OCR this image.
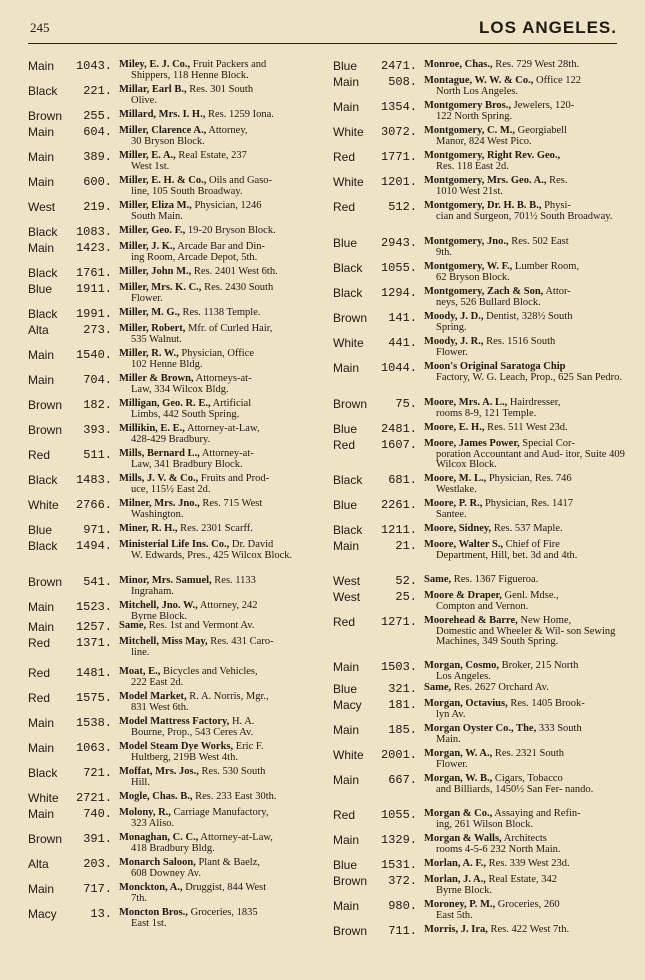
245	LOS ANGELES.
Main	1043. Miley, E. J. Co., Fruit Packers and
Shippers, 118 Henne Block.
Black	221. Millar, Earl B., Res. 301 South
Olive.
Brown	255. Millard, Mrs. I. H., Res. 1259 Iona.
Main	604. Miller, Clarence A., Attorney,
30 Bryson Block.
Main	389. Miller, E. A., Real Estate, 237
West 1st.
Main	600. Miller, E. H. & Co., Oils and Gaso-
line, 105 South Broadway.
West	219. Miller, Eliza M., Physician, 1246
South Main.
Black	1083. Miller, Geo. F., 19-20 Bryson Block.
Main	1423. Miller, J. K., Arcade Bar and Din-
ing Room, Arcade Depot, 5th.
Black	1761. Miller, John M., Res. 2401 West 6th.
Blue	1911. Miller, Mrs. K. C., Res. 2430 South
Flower.
Black	1991. Miller, M. G., Res. 1138 Temple.
Alta	273. Miller, Robert, Mfr. of Curled Hair,
535 Walnut.
Main	1540. Miller, R. W., Physician, Office
102 Henne Bldg.
Main	704. Miller & Brown, Attorneys-at-
Law, 334 Wilcox Bldg.
Brown	182. Milligan, Geo. R. E., Artificial
Limbs, 442 South Spring.
Brown	393. Millikin, E. E., Attorney-at-Law,
428-429 Bradbury.
Red	511. Mills, Bernard L., Attorney-at-
Law, 341 Bradbury Block.
Black	1483. Mills, J. V. & Co., Fruits and Prod-
uce, 115½ East 2d.
White	2766. Milner, Mrs. Jno., Res. 715 West
Washington.
Blue	971. Miner, R. H., Res. 2301 Scarff.
Black	1494. Ministerial Life Ins. Co., Dr. David
W. Edwards, Pres., 425 Wilcox Block.
Brown	541. Minor, Mrs. Samuel, Res. 1133
Ingraham.
Main	1523. Mitchell, Jno. W., Attorney, 242
Byrne Block.
Main	1257. Same, Res. 1st and Vermont Av.
Red	1371. Mitchell, Miss May, Res. 431 Caro-
line.
Red	1481. Moat, E., Bicycles and Vehicles,
222 East 2d.
Red	1575. Model Market, R. A. Norris, Mgr.,
831 West 6th.
Main	1538. Model Mattress Factory, H. A.
Bourne, Prop., 543 Ceres Av.
Main	1063. Model Steam Dye Works, Eric F.
Hultberg, 219B West 4th.
Black	721. Moffat, Mrs. Jos., Res. 530 South
Hill.
White	2721. Mogle, Chas. B., Res. 233 East 30th.
Main	740. Molony, R., Carriage Manufactory,
323 Aliso.
Brown	391. Monaghan, C. C., Attorney-at-Law,
418 Bradbury Bldg.
Alta	203. Monarch Saloon, Plant & Baelz,
608 Downey Av.
Main	717. Monckton, A., Druggist, 844 West
7th.
Macy	13. Moncton Bros., Groceries, 1835
East 1st.
Blue	2471. Monroe, Chas., Res. 729 West 28th.
Main	508. Montague, W. W. & Co., Office 122
North Los Angeles.
Main	1354. Montgomery Bros., Jewelers, 120-
122 North Spring.
White	3072. Montgomery, C. M., Georgiabell
Manor, 824 West Pico.
Red	1771. Montgomery, Right Rev. Geo.,
Res. 118 East 2d.
White	1201. Montgomery, Mrs. Geo. A., Res.
1010 West 21st.
Red	512. Montgomery, Dr. H. B. B., Physi-
cian and Surgeon, 701½ South Broadway.
Blue	2943. Montgomery, Jno., Res. 502 East
9th.
Black	1055. Montgomery, W. F., Lumber Room,
62 Bryson Block.
Black	1294. Montgomery, Zach & Son, Attor-
neys, 526 Bullard Block.
Brown	141. Moody, J. D., Dentist, 328½ South
Spring.
White	441. Moody, J. R., Res. 1516 South
Flower.
Main	1044. Moon's Original Saratoga Chip
Factory, W. G. Leach, Prop., 625 San Pedro.
Brown	75. Moore, Mrs. A. L., Hairdresser,
rooms 8-9, 121 Temple.
Blue	2481. Moore, E. H., Res. 511 West 23d.
Red	1607. Moore, James Power, Special Cor-
poration Accountant and Aud- itor, Suite 409 Wilcox Block.
Black	681. Moore, M. L., Physician, Res. 746
Westlake.
Blue	2261. Moore, P. R., Physician, Res. 1417
Santee.
Black	1211. Moore, Sidney, Res. 537 Maple.
Main	21. Moore, Walter S., Chief of Fire
Department, Hill, bet. 3d and 4th.
West	52. Same, Res. 1367 Figueroa.
West	25. Moore & Draper, Genl. Mdse.,
Compton and Vernon.
Red	1271. Moorehead & Barre, New Home,
Domestic and Wheeler & Wil- son Sewing Machines, 349 South Spring.
Main	1503. Morgan, Cosmo, Broker, 215 North
Los Angeles.
Blue	321. Same, Res. 2627 Orchard Av.
Macy	181. Morgan, Octavius, Res. 1405 Brook-
lyn Av.
Main	185. Morgan Oyster Co., The, 333 South
Main.
White	2001. Morgan, W. A., Res. 2321 South
Flower.
Main	667. Morgan, W. B., Cigars, Tobacco
and Billiards, 1450½ San Fer- nando.
Red	1055. Morgan & Co., Assaying and Refin-
ing, 261 Wilson Block.
Main	1329. Morgan & Walls, Architects
rooms 4-5-6 232 North Main.
Blue	1531. Morlan, A. F., Res. 339 West 23d.
Brown	372. Morlan, J. A., Real Estate, 342
Byrne Block.
Main	980. Moroney, P. M., Groceries, 260
East 5th.
Brown	711. Morris, J. Ira, Res. 422 West 7th.
